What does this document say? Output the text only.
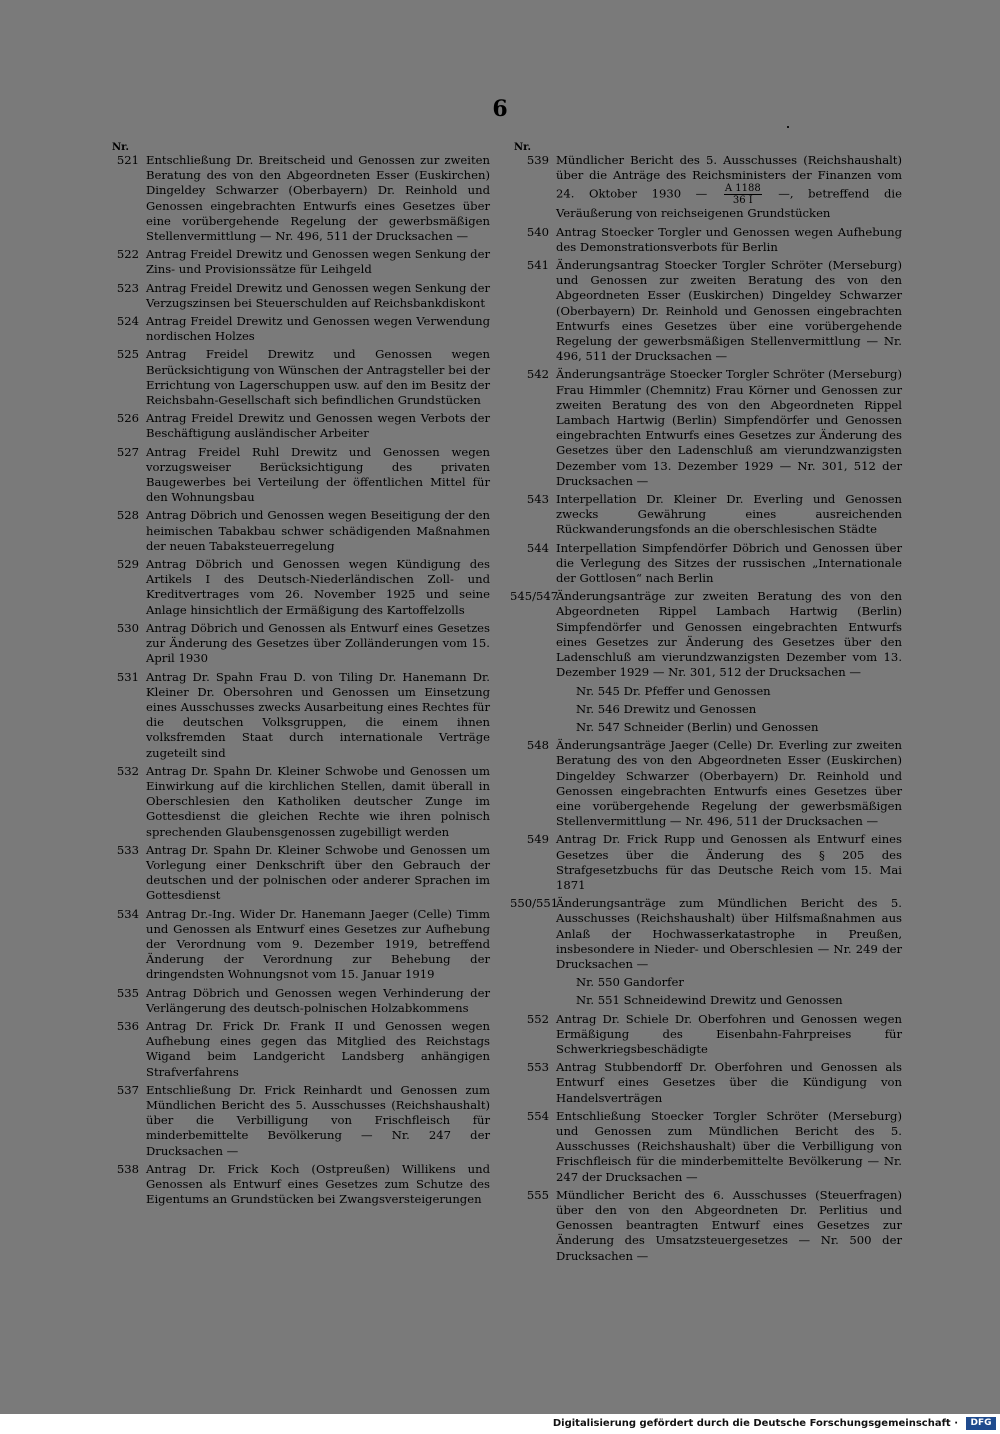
6
Nr.
521 Entschließung Dr. Breitscheid und Genossen zur zweiten Beratung des von den Abgeordneten Esser (Euskirchen) Dingeldey Schwarzer (Oberbayern) Dr. Reinhold und Genossen eingebrachten Entwurfs eines Gesetzes über eine vorübergehende Regelung der gewerbsmäßigen Stellenvermittlung — Nr. 496, 511 der Drucksachen —
522 Antrag Freidel Drewitz und Genossen wegen Senkung der Zins- und Provisionssätze für Leihgeld
523 Antrag Freidel Drewitz und Genossen wegen Senkung der Verzugszinsen bei Steuerschulden auf Reichsbankdiskont
524 Antrag Freidel Drewitz und Genossen wegen Verwendung nordischen Holzes
525 Antrag Freidel Drewitz und Genossen wegen Berücksichtigung von Wünschen der Antragsteller bei der Errichtung von Lagerschuppen usw. auf den im Besitz der Reichsbahn-Gesellschaft sich befindlichen Grundstücken
526 Antrag Freidel Drewitz und Genossen wegen Verbots der Beschäftigung ausländischer Arbeiter
527 Antrag Freidel Ruhl Drewitz und Genossen wegen vorzugsweiser Berücksichtigung des privaten Baugewerbes bei Verteilung der öffentlichen Mittel für den Wohnungsbau
528 Antrag Döbrich und Genossen wegen Beseitigung der den heimischen Tabakbau schwer schädigenden Maßnahmen der neuen Tabaksteuerregelung
529 Antrag Döbrich und Genossen wegen Kündigung des Artikels I des Deutsch-Niederländischen Zoll- und Kreditvertrages vom 26. November 1925 und seine Anlage hinsichtlich der Ermäßigung des Kartoffelzolls
530 Antrag Döbrich und Genossen als Entwurf eines Gesetzes zur Änderung des Gesetzes über Zolländerungen vom 15. April 1930
531 Antrag Dr. Spahn Frau D. von Tiling Dr. Hanemann Dr. Kleiner Dr. Obersohren und Genossen um Einsetzung eines Ausschusses zwecks Ausarbeitung eines Rechtes für die deutschen Volksgruppen, die einem ihnen volksfremden Staat durch internationale Verträge zugeteilt sind
532 Antrag Dr. Spahn Dr. Kleiner Schwobe und Genossen um Einwirkung auf die kirchlichen Stellen, damit überall in Oberschlesien den Katholiken deutscher Zunge im Gottesdienst die gleichen Rechte wie ihren polnisch sprechenden Glaubensgenossen zugebilligt werden
533 Antrag Dr. Spahn Dr. Kleiner Schwobe und Genossen um Vorlegung einer Denkschrift über den Gebrauch der deutschen und der polnischen oder anderer Sprachen im Gottesdienst
534 Antrag Dr.-Ing. Wider Dr. Hanemann Jaeger (Celle) Timm und Genossen als Entwurf eines Gesetzes zur Aufhebung der Verordnung vom 9. Dezember 1919, betreffend Änderung der Verordnung zur Behebung der dringendsten Wohnungsnot vom 15. Januar 1919
535 Antrag Döbrich und Genossen wegen Verhinderung der Verlängerung des deutsch-polnischen Holzabkommens
536 Antrag Dr. Frick Dr. Frank II und Genossen wegen Aufhebung eines gegen das Mitglied des Reichstags Wigand beim Landgericht Landsberg anhängigen Strafverfahrens
537 Entschließung Dr. Frick Reinhardt und Genossen zum Mündlichen Bericht des 5. Ausschusses (Reichshaushalt) über die Verbilligung von Frischfleisch für minderbemittelte Bevölkerung — Nr. 247 der Drucksachen —
538 Antrag Dr. Frick Koch (Ostpreußen) Willikens und Genossen als Entwurf eines Gesetzes zum Schutze des Eigentums an Grundstücken bei Zwangsversteigerungen
Nr.
539 Mündlicher Bericht des 5. Ausschusses (Reichshaushalt) über die Anträge des Reichsministers der Finanzen vom 24. Oktober 1930 — $\frac{A 1188}{36 I}$ —, betreffend die Veräußerung von reichseigenen Grundstücken
540 Antrag Stoecker Torgler und Genossen wegen Aufhebung des Demonstrationsverbots für Berlin
541 Änderungsantrag Stoecker Torgler Schröter (Merseburg) und Genossen zur zweiten Beratung des von den Abgeordneten Esser (Euskirchen) Dingeldey Schwarzer (Oberbayern) Dr. Reinhold und Genossen eingebrachten Entwurfs eines Gesetzes über eine vorübergehende Regelung der gewerbsmäßigen Stellenvermittlung — Nr. 496, 511 der Drucksachen —
542 Änderungsanträge Stoecker Torgler Schröter (Merseburg) Frau Himmler (Chemnitz) Frau Körner und Genossen zur zweiten Beratung des von den Abgeordneten Rippel Lambach Hartwig (Berlin) Simpfendörfer und Genossen eingebrachten Entwurfs eines Gesetzes zur Änderung des Gesetzes über den Ladenschluß am vierundzwanzigsten Dezember vom 13. Dezember 1929 — Nr. 301, 512 der Drucksachen —
543 Interpellation Dr. Kleiner Dr. Everling und Genossen zwecks Gewährung eines ausreichenden Rückwanderungsfonds an die oberschlesischen Städte
544 Interpellation Simpfendörfer Döbrich und Genossen über die Verlegung des Sitzes der russischen „Internationale der Gottlosen“ nach Berlin
545/547
Änderungsanträge zur zweiten Beratung des von den Abgeordneten Rippel Lambach Hartwig (Berlin) Simpfendörfer und Genossen eingebrachten Entwurfs eines Gesetzes zur Änderung des Gesetzes über den Ladenschluß am vierundzwanzigsten Dezember vom 13. Dezember 1929 — Nr. 301, 512 der Drucksachen —
Nr. 545 Dr. Pfeffer und Genossen
Nr. 546 Drewitz und Genossen
Nr. 547 Schneider (Berlin) und Genossen
548 Änderungsanträge Jaeger (Celle) Dr. Everling zur zweiten Beratung des von den Abgeordneten Esser (Euskirchen) Dingeldey Schwarzer (Oberbayern) Dr. Reinhold und Genossen eingebrachten Entwurfs eines Gesetzes über eine vorübergehende Regelung der gewerbsmäßigen Stellenvermittlung — Nr. 496, 511 der Drucksachen —
549 Antrag Dr. Frick Rupp und Genossen als Entwurf eines Gesetzes über die Änderung des § 205 des Strafgesetzbuchs für das Deutsche Reich vom 15. Mai 1871
550/551
Änderungsanträge zum Mündlichen Bericht des 5. Ausschusses (Reichshaushalt) über Hilfsmaßnahmen aus Anlaß der Hochwasserkatastrophe in Preußen, insbesondere in Nieder- und Oberschlesien — Nr. 249 der Drucksachen —
Nr. 550 Gandorfer
Nr. 551 Schneidewind Drewitz und Genossen
552 Antrag Dr. Schiele Dr. Oberfohren und Genossen wegen Ermäßigung des Eisenbahn-Fahrpreises für Schwerkriegsbeschädigte
553 Antrag Stubbendorff Dr. Oberfohren und Genossen als Entwurf eines Gesetzes über die Kündigung von Handelsverträgen
554 Entschließung Stoecker Torgler Schröter (Merseburg) und Genossen zum Mündlichen Bericht des 5. Ausschusses (Reichshaushalt) über die Verbilligung von Frischfleisch für die minderbemittelte Bevölkerung — Nr. 247 der Drucksachen —
555 Mündlicher Bericht des 6. Ausschusses (Steuerfragen) über den von den Abgeordneten Dr. Perlitius und Genossen beantragten Entwurf eines Gesetzes zur Änderung des Umsatzsteuergesetzes — Nr. 500 der Drucksachen —
Digitalisierung gefördert durch die Deutsche Forschungsgemeinschaft ·	DFG
